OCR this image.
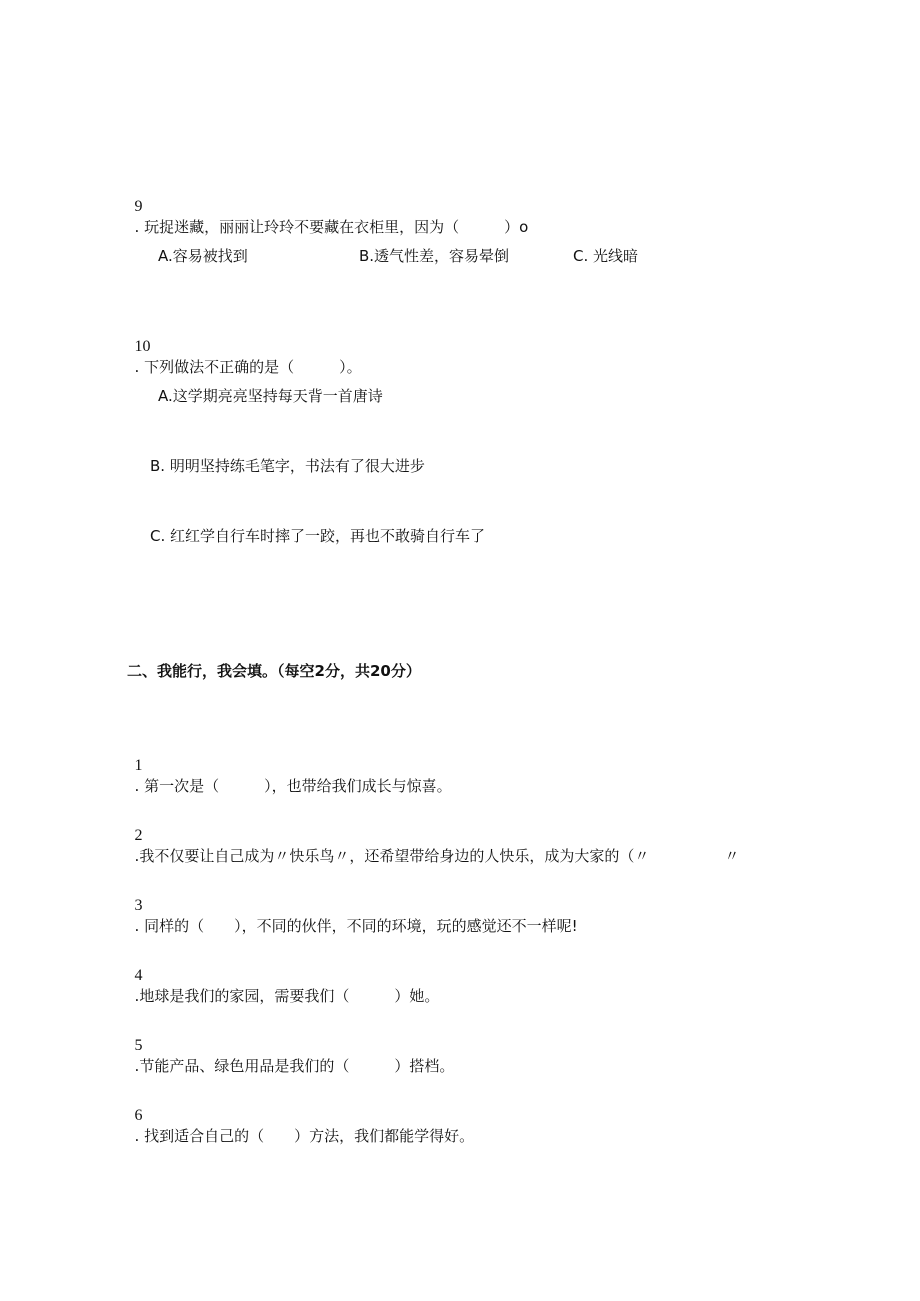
9
. 玩捉迷藏，丽丽让玲玲不要藏在衣柜里，因为（　　　）o

A.容易被找到	B.透气性差，容易晕倒	C. 光线暗

10
. 下列做法不正确的是（　　　）。

A.这学期亮亮坚持每天背一首唐诗
B. 明明坚持练毛笔字，书法有了很大进步
C. 红红学自行车时摔了一跤，再也不敢骑自行车了
二、我能行，我会填。（每空2分，共20分）

1
. 第一次是（　　　），也带给我们成长与惊喜。

2
.我不仅要让自己成为〃快乐鸟〃，还希望带给身边的人快乐，成为大家的（〃　　　　　〃

3
. 同样的（　　），不同的伙伴，不同的环境，玩的感觉还不一样呢!

4
.地球是我们的家园，需要我们（　　　）她。

5
.节能产品、绿色用品是我们的（　　　）搭档。

6
. 找到适合自己的（　　）方法，我们都能学得好。
